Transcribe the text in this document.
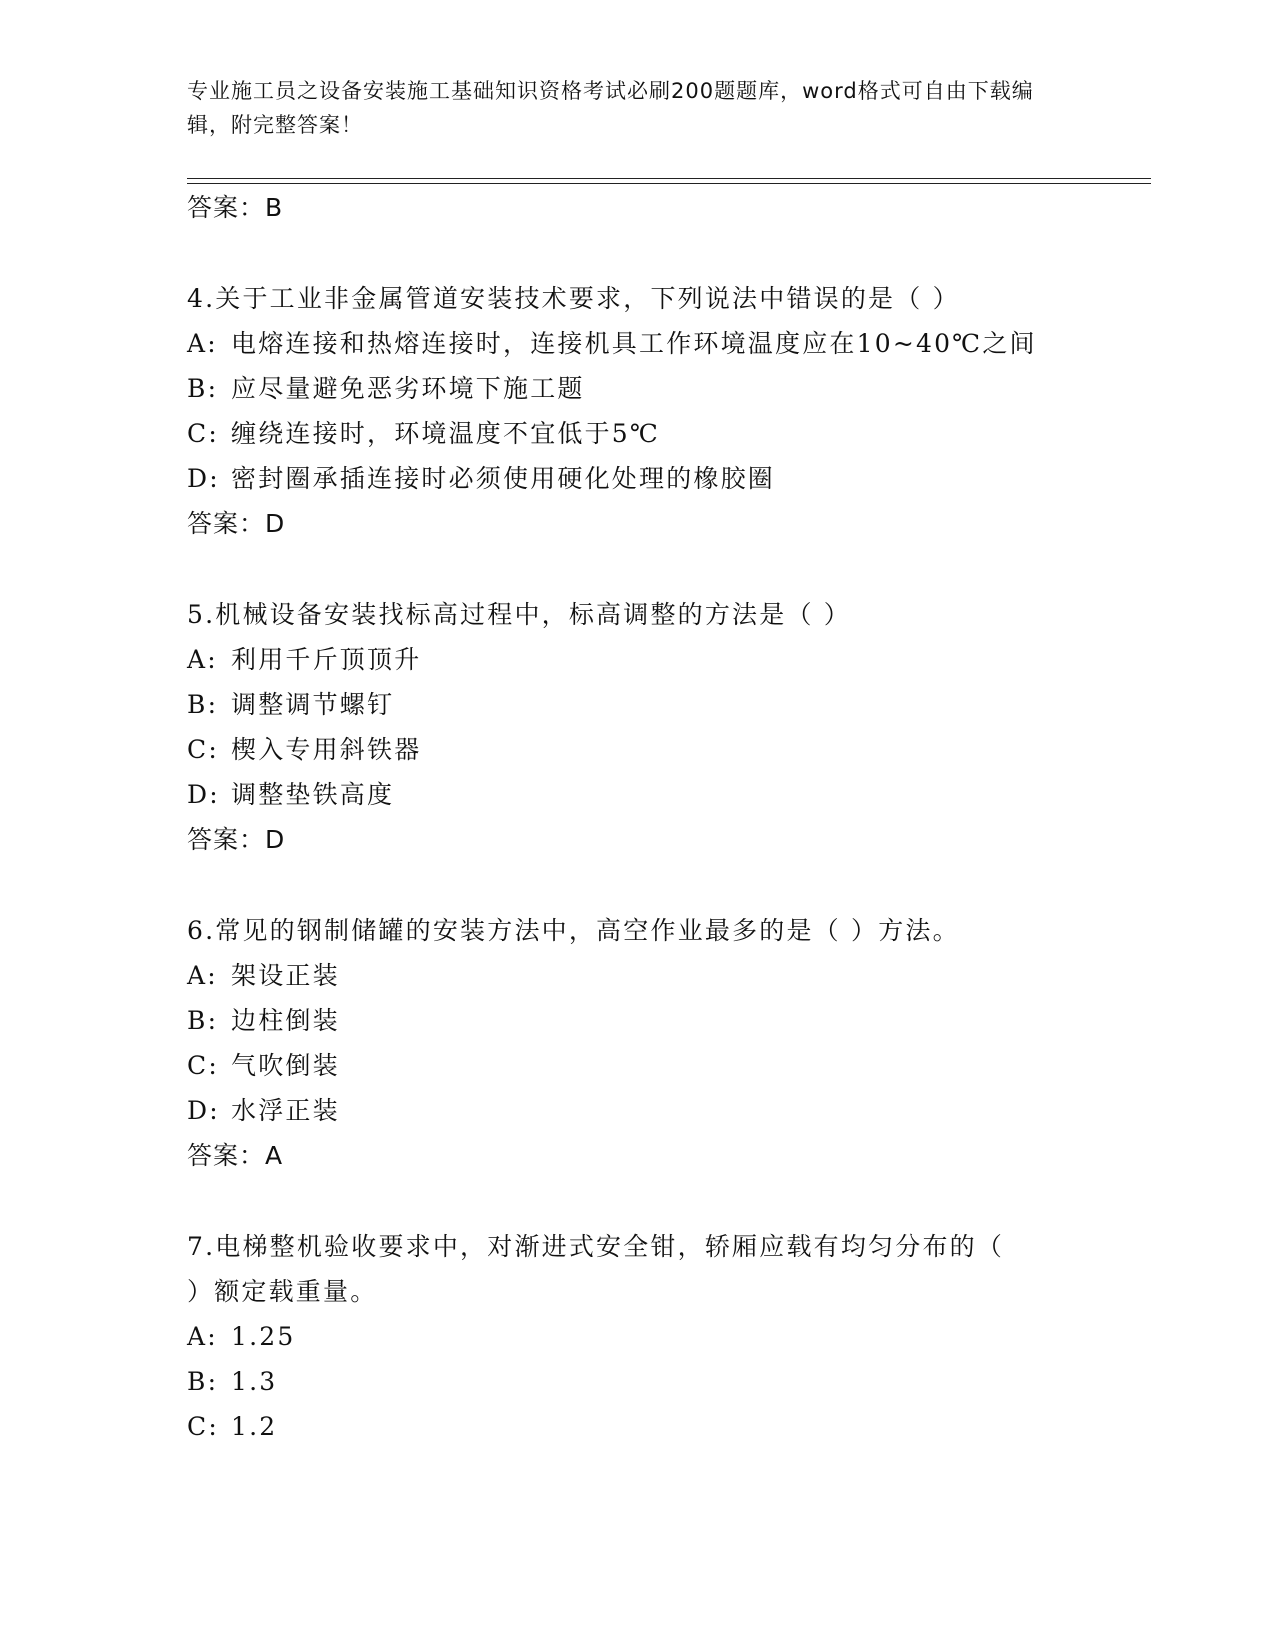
专业施工员之设备安装施工基础知识资格考试必刷200题题库，word格式可自由下载编辑，附完整答案！
答案：B
4.关于工业非金属管道安装技术要求，下列说法中错误的是（ ）
A: 电熔连接和热熔连接时，连接机具工作环境温度应在10~40℃之间
B: 应尽量避免恶劣环境下施工题
C: 缠绕连接时，环境温度不宜低于5℃
D: 密封圈承插连接时必须使用硬化处理的橡胶圈
答案：D
5.机械设备安装找标高过程中，标高调整的方法是（ ）
A: 利用千斤顶顶升
B: 调整调节螺钉
C: 楔入专用斜铁器
D: 调整垫铁高度
答案：D
6.常见的钢制储罐的安装方法中，高空作业最多的是（ ）方法。
A: 架设正装
B: 边柱倒装
C: 气吹倒装
D: 水浮正装
答案：A
7.电梯整机验收要求中，对渐进式安全钳，轿厢应载有均匀分布的（
）额定载重量。
A: 1.25
B: 1.3
C: 1.2
